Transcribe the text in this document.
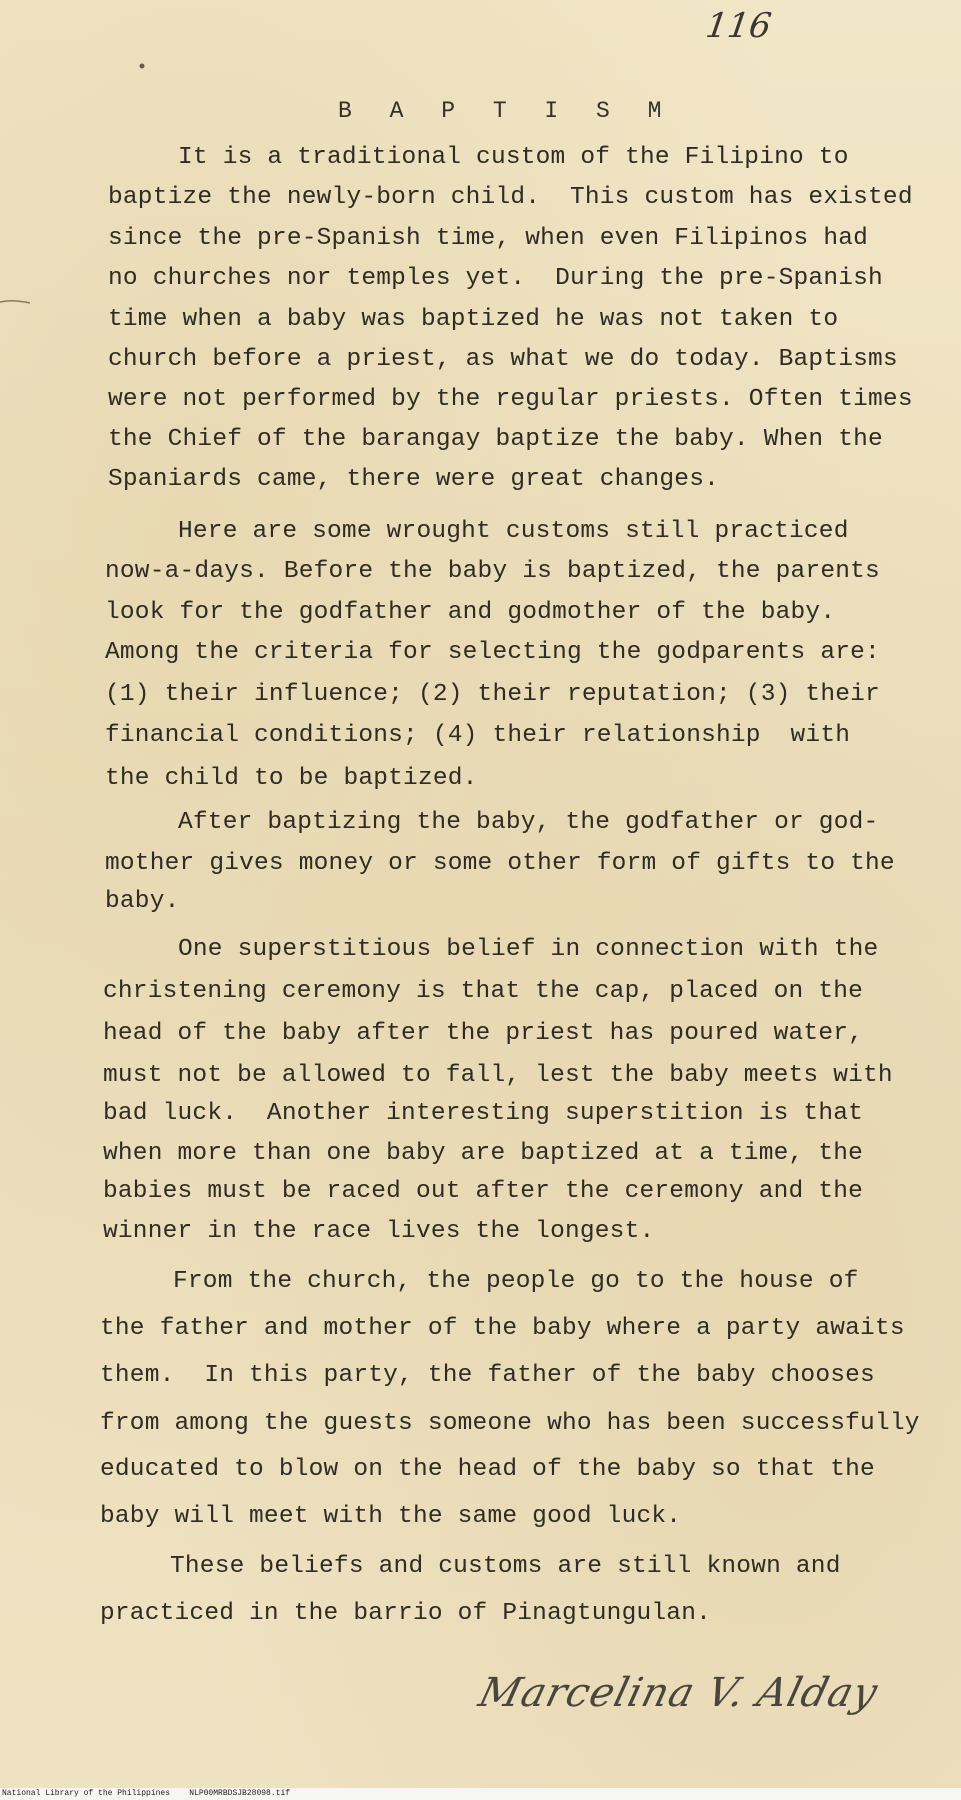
116
B A P T I S M
It is a traditional custom of the Filipino to
baptize the newly-born child.  This custom has existed
since the pre-Spanish time, when even Filipinos had
no churches nor temples yet.  During the pre-Spanish
time when a baby was baptized he was not taken to
church before a priest, as what we do today. Baptisms
were not performed by the regular priests. Often times
the Chief of the barangay baptize the baby. When the
Spaniards came, there were great changes.
Here are some wrought customs still practiced
now-a-days. Before the baby is baptized, the parents
look for the godfather and godmother of the baby.
Among the criteria for selecting the godparents are:
(1) their influence; (2) their reputation; (3) their
financial conditions; (4) their relationship  with
the child to be baptized.
After baptizing the baby, the godfather or god-
mother gives money or some other form of gifts to the
baby.
One superstitious belief in connection with the
christening ceremony is that the cap, placed on the
head of the baby after the priest has poured water,
must not be allowed to fall, lest the baby meets with
bad luck.  Another interesting superstition is that
when more than one baby are baptized at a time, the
babies must be raced out after the ceremony and the
winner in the race lives the longest.
From the church, the people go to the house of
the father and mother of the baby where a party awaits
them.  In this party, the father of the baby chooses
from among the guests someone who has been successfully
educated to blow on the head of the baby so that the
baby will meet with the same good luck.
These beliefs and customs are still known and
practiced in the barrio of Pinagtungulan.
Marcelina V. Alday
National Library of the Philippines    NLP00MRBDSJB28098.tif
